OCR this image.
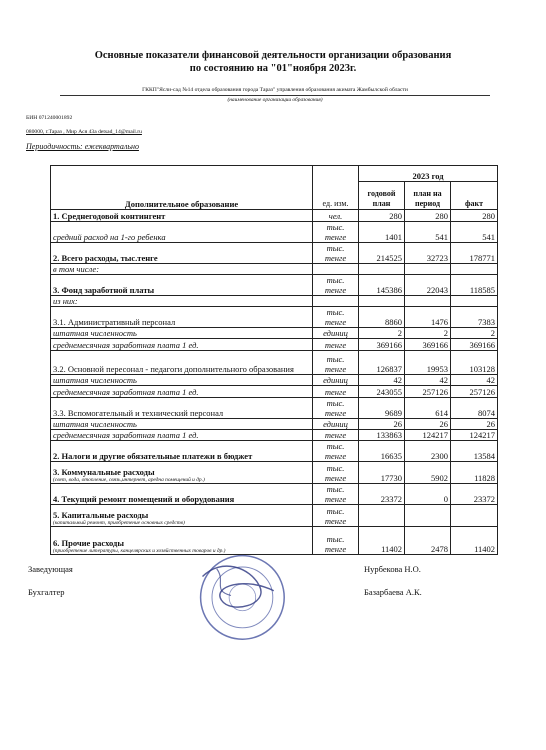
Основные показатели финансовой деятельности организации образования
по состоянию на "01"ноября 2023г.
ГККП"Ясли-сад №14 отдела образования города Тараз" управления образования акимата Жамбылской области
(наименование организации образования)
БИН 071240001892
080000, г.Тараз , Мир Ася 43а detsad_14@mail.ru
Периодичность: ежеквартально
Дополнительное образование	ед. изм.	2023 год		
		годовой план	план на период	факт
1. Среднегодовой контингент	чел.	280	280	280
средний расход на 1-го ребенка	тыс. тенге	1401	541	541
2. Всего расходы, тыс.тенге	тыс. тенге	214525	32723	178771
в том числе:				
3. Фонд заработной платы	тыс. тенге	145386	22043	118585
из них:				
3.1. Административный персонал	тыс. тенге	8860	1476	7383
штатная численность	единиц	2	2	2
среднемесячная заработная плата 1 ед.	тенге	369166	369166	369166
3.2. Основной пересонал - педагоги дополнительного образования	тыс. тенге	126837	19953	103128
штатная численность	единиц	42	42	42
среднемесячная заработная плата 1 ед.	тенге	243055	257126	257126
3.3. Вспомогательный и технический персонал	тыс. тенге	9689	614	8074
штатная численность	единиц	26	26	26
среднемесячная заработная плата 1 ед.	тенге	133863	124217	124217
2. Налоги и другие обязательные платежи в бюджет	тыс. тенге	16635	2300	13584
3. Коммунальные расходы
(свет, вода, отопление, связь,интернет, аредна помещений и др.)	тыс. тенге	17730	5902	11828
4. Текущий ремонт помещений и оборудования	тыс. тенге	23372	0	23372
5. Капитальные расходы
(капитальный ремонт, приобретение основных средств)	тыс. тенге			
6. Прочие расходы
(приобретение литературы, канцелярских и хозяйственных товаров и др.)	тыс. тенге	11402	2478	11402
Заведующая	Нурбекова Н.О.
Бухгалтер	Базарбаева А.К.
